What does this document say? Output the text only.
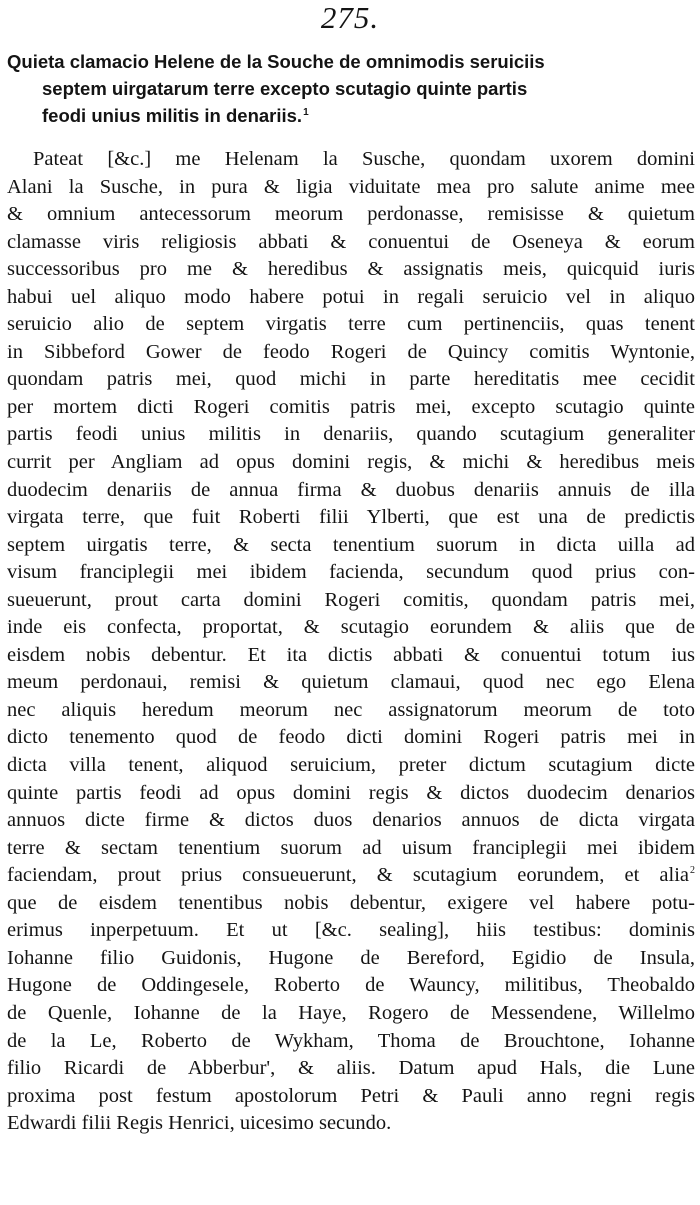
275.
Quieta clamacio Helene de la Souche de omnimodis seruiciis
septem uirgatarum terre excepto scutagio quinte partis
feodi unius militis in denariis.$^1$
Pateat [&c.] me Helenam la Susche, quondam uxorem domini
Alani la Susche, in pura & ligia viduitate mea pro salute anime mee
& omnium antecessorum meorum perdonasse, remisisse & quietum
clamasse viris religiosis abbati & conuentui de Oseneya & eorum
successoribus pro me & heredibus & assignatis meis, quicquid iuris
habui uel aliquo modo habere potui in regali seruicio vel in aliquo
seruicio alio de septem virgatis terre cum pertinenciis, quas tenent
in Sibbeford Gower de feodo Rogeri de Quincy comitis Wyntonie,
quondam patris mei, quod michi in parte hereditatis mee cecidit
per mortem dicti Rogeri comitis patris mei, excepto scutagio quinte
partis feodi unius militis in denariis, quando scutagium generaliter
currit per Angliam ad opus domini regis, & michi & heredibus meis
duodecim denariis de annua firma & duobus denariis annuis de illa
virgata terre, que fuit Roberti filii Ylberti, que est una de predictis
septem uirgatis terre, & secta tenentium suorum in dicta uilla ad
visum franciplegii mei ibidem facienda, secundum quod prius con-
sueuerunt, prout carta domini Rogeri comitis, quondam patris mei,
inde eis confecta, proportat, & scutagio eorundem & aliis que de
eisdem nobis debentur. Et ita dictis abbati & conuentui totum ius
meum perdonaui, remisi & quietum clamaui, quod nec ego Elena
nec aliquis heredum meorum nec assignatorum meorum de toto
dicto tenemento quod de feodo dicti domini Rogeri patris mei in
dicta villa tenent, aliquod seruicium, preter dictum scutagium dicte
quinte partis feodi ad opus domini regis & dictos duodecim denarios
annuos dicte firme & dictos duos denarios annuos de dicta virgata
terre & sectam tenentium suorum ad uisum franciplegii mei ibidem
faciendam, prout prius consueuerunt, & scutagium eorundem, et alia$^2$
que de eisdem tenentibus nobis debentur, exigere vel habere potu-
erimus inperpetuum. Et ut [&c. sealing], hiis testibus: dominis
Iohanne filio Guidonis, Hugone de Bereford, Egidio de Insula,
Hugone de Oddingesele, Roberto de Wauncy, militibus, Theobaldo
de Quenle, Iohanne de la Haye, Rogero de Messendene, Willelmo
de la Le, Roberto de Wykham, Thoma de Brouchtone, Iohanne
filio Ricardi de Abberbur', & aliis. Datum apud Hals, die Lune
proxima post festum apostolorum Petri & Pauli anno regni regis
Edwardi filii Regis Henrici, uicesimo secundo.
